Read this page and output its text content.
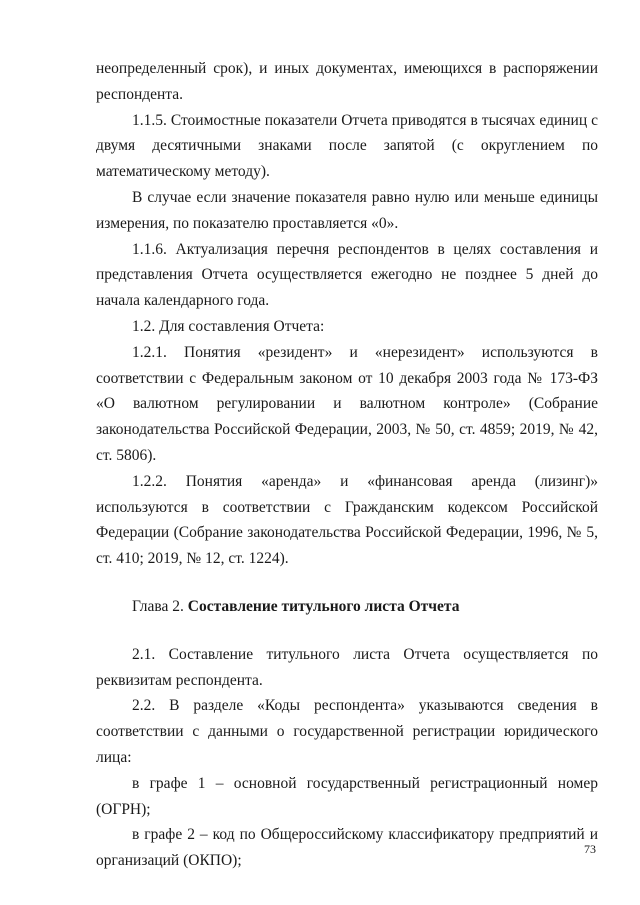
неопределенный срок), и иных документах, имеющихся в распоряжении респондента.

1.1.5. Стоимостные показатели Отчета приводятся в тысячах единиц с двумя десятичными знаками после запятой (с округлением по математическому методу).

В случае если значение показателя равно нулю или меньше единицы измерения, по показателю проставляется «0».

1.1.6. Актуализация перечня респондентов в целях составления и представления Отчета осуществляется ежегодно не позднее 5 дней до начала календарного года.

1.2. Для составления Отчета:

1.2.1. Понятия «резидент» и «нерезидент» используются в соответствии с Федеральным законом от 10 декабря 2003 года № 173-ФЗ «О валютном регулировании и валютном контроле» (Собрание законодательства Российской Федерации, 2003, № 50, ст. 4859; 2019, № 42, ст. 5806).

1.2.2. Понятия «аренда» и «финансовая аренда (лизинг)» используются в соответствии с Гражданским кодексом Российской Федерации (Собрание законодательства Российской Федерации, 1996, № 5, ст. 410; 2019, № 12, ст. 1224).

Глава 2. Составление титульного листа Отчета

2.1. Составление титульного листа Отчета осуществляется по реквизитам респондента.

2.2. В разделе «Коды респондента» указываются сведения в соответствии с данными о государственной регистрации юридического лица:

в графе 1 – основной государственный регистрационный номер (ОГРН);

в графе 2 – код по Общероссийскому классификатору предприятий и организаций (ОКПО);

73
